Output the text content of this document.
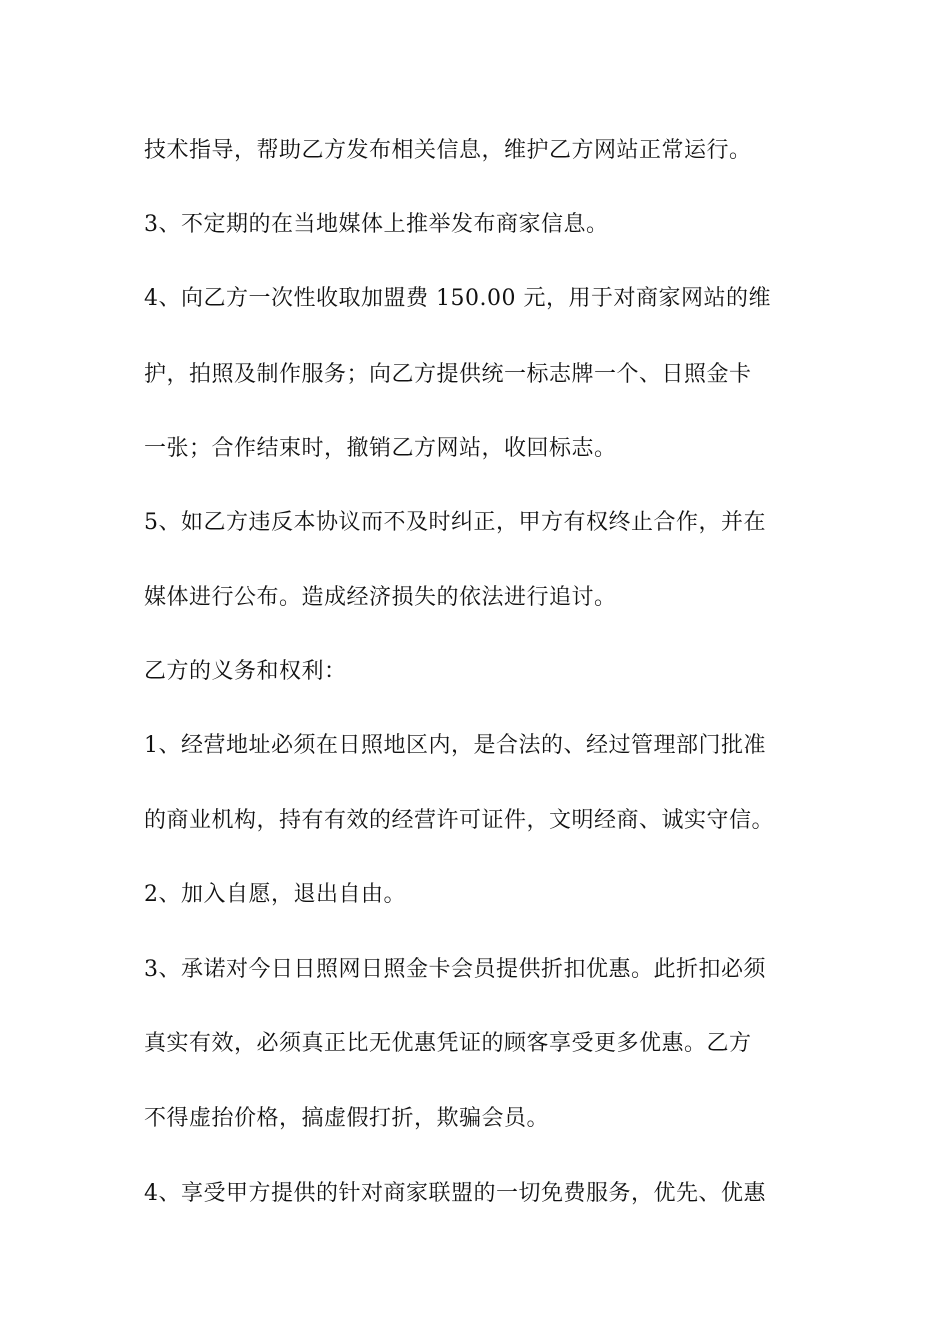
技术指导，帮助乙方发布相关信息，维护乙方网站正常运行。
3、不定期的在当地媒体上推举发布商家信息。
4、向乙方一次性收取加盟费 150.00 元，用于对商家网站的维
护，拍照及制作服务；向乙方提供统一标志牌一个、日照金卡
一张；合作结束时，撤销乙方网站，收回标志。
5、如乙方违反本协议而不及时纠正，甲方有权终止合作，并在
媒体进行公布。造成经济损失的依法进行追讨。
乙方的义务和权利：
1、经营地址必须在日照地区内，是合法的、经过管理部门批准
的商业机构，持有有效的经营许可证件，文明经商、诚实守信。
2、加入自愿，退出自由。
3、承诺对今日日照网日照金卡会员提供折扣优惠。此折扣必须
真实有效，必须真正比无优惠凭证的顾客享受更多优惠。乙方
不得虚抬价格，搞虚假打折，欺骗会员。
4、享受甲方提供的针对商家联盟的一切免费服务，优先、优惠
